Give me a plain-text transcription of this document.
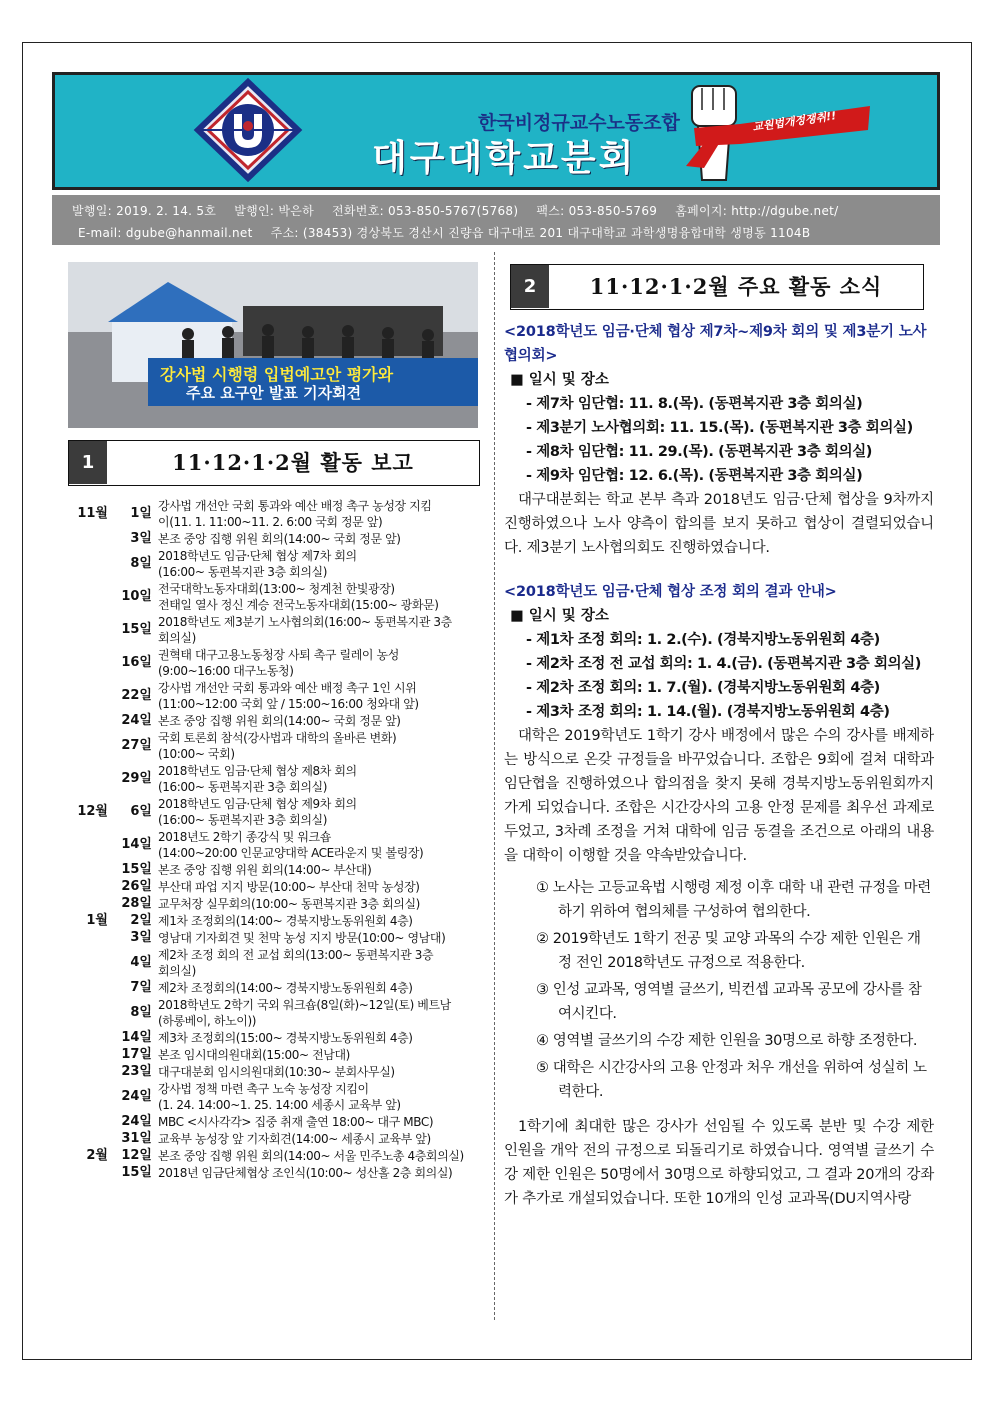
한국비정규교수노동조합
대구대학교분회
교원법개정쟁취!!
발행일: 2019. 2. 14. 5호 발행인: 박은하 전화번호: 053-850-5767(5768) 팩스: 053-850-5769 홈페이지: http://dgube.net/
E-mail: dgube@hanmail.net 주소: (38453) 경상북도 경산시 진량읍 대구대로 201 대구대학교 과학생명융합대학 생명동 1104B
강사법 시행령 입법예고안 평가와
주요 요구안 발표 기자회견
1	11·12·1·2월 활동 보고
11월	1일 강사법 개선안 국회 통과와 예산 배정 촉구 농성장 지킴
이(11. 1. 11:00~11. 2. 6:00 국회 정문 앞)
3일 본조 중앙 집행 위원 회의(14:00~ 국회 정문 앞)
8일 2018학년도 임금·단체 협상 제7차 회의
(16:00~ 동편복지관 3층 회의실)
10일 전국대학노동자대회(13:00~ 청계천 한빛광장)
전태일 열사 정신 계승 전국노동자대회(15:00~ 광화문)
15일 2018학년도 제3분기 노사협의회(16:00~ 동편복지관 3층
회의실)
16일 권혁태 대구고용노동청장 사퇴 촉구 릴레이 농성
(9:00~16:00 대구노동청)
22일 강사법 개선안 국회 통과와 예산 배정 촉구 1인 시위
(11:00~12:00 국회 앞 / 15:00~16:00 청와대 앞)
24일 본조 중앙 집행 위원 회의(14:00~ 국회 정문 앞)
27일 국회 토론회 참석(강사법과 대학의 올바른 변화)
(10:00~ 국회)
29일 2018학년도 임금·단체 협상 제8차 회의
(16:00~ 동편복지관 3층 회의실)
12월	6일 2018학년도 임금·단체 협상 제9차 회의
(16:00~ 동편복지관 3층 회의실)
14일 2018년도 2학기 종강식 및 워크숍
(14:00~20:00 인문교양대학 ACE라운지 및 볼링장)
15일 본조 중앙 집행 위원 회의(14:00~ 부산대)
26일 부산대 파업 지지 방문(10:00~ 부산대 천막 농성장)
28일 교무처장 실무회의(10:00~ 동편복지관 3층 회의실)
1월	2일 제1차 조정회의(14:00~ 경북지방노동위원회 4층)
3일 영남대 기자회견 및 천막 농성 지지 방문(10:00~ 영남대)
4일 제2차 조정 회의 전 교섭 회의(13:00~ 동편복지관 3층
회의실)
7일 제2차 조정회의(14:00~ 경북지방노동위원회 4층)
8일 2018학년도 2학기 국외 워크숍(8일(화)~12일(토) 베트남
(하롱베이, 하노이))
14일 제3차 조정회의(15:00~ 경북지방노동위원회 4층)
17일 본조 임시대의원대회(15:00~ 전남대)
23일 대구대분회 임시의원대회(10:30~ 분회사무실)
24일 강사법 정책 마련 촉구 노숙 농성장 지킴이
(1. 24. 14:00~1. 25. 14:00 세종시 교육부 앞)
24일 MBC <시사각각> 집중 취재 출연 18:00~ 대구 MBC)
31일 교육부 농성장 앞 기자회견(14:00~ 세종시 교육부 앞)
2월	12일 본조 중앙 집행 위원 회의(14:00~ 서울 민주노총 4층회의실)
15일 2018년 임금단체협상 조인식(10:00~ 성산홀 2층 회의실)
2	11·12·1·2월 주요 활동 소식
<2018학년도 임금·단체 협상 제7차~제9차 회의 및 제3분기 노사협의회>
■ 일시 및 장소
- 제7차 임단협: 11. 8.(목). (동편복지관 3층 회의실)
- 제3분기 노사협의회: 11. 15.(목). (동편복지관 3층 회의실)
- 제8차 임단협: 11. 29.(목). (동편복지관 3층 회의실)
- 제9차 임단협: 12. 6.(목). (동편복지관 3층 회의실)
대구대분회는 학교 본부 측과 2018년도 임금·단체 협상을 9차까지 진행하였으나 노사 양측이 합의를 보지 못하고 협상이 결렬되었습니다. 제3분기 노사협의회도 진행하였습니다.
<2018학년도 임금·단체 협상 조정 회의 결과 안내>
■ 일시 및 장소
- 제1차 조정 회의: 1. 2.(수). (경북지방노동위원회 4층)
- 제2차 조정 전 교섭 회의: 1. 4.(금). (동편복지관 3층 회의실)
- 제2차 조정 회의: 1. 7.(월). (경북지방노동위원회 4층)
- 제3차 조정 회의: 1. 14.(월). (경북지방노동위원회 4층)
대학은 2019학년도 1학기 강사 배정에서 많은 수의 강사를 배제하는 방식으로 온갖 규정들을 바꾸었습니다. 조합은 9회에 걸쳐 대학과 임단협을 진행하였으나 합의점을 찾지 못해 경북지방노동위원회까지 가게 되었습니다. 조합은 시간강사의 고용 안정 문제를 최우선 과제로 두었고, 3차례 조정을 거쳐 대학에 임금 동결을 조건으로 아래의 내용을 대학이 이행할 것을 약속받았습니다.
① 노사는 고등교육법 시행령 제정 이후 대학 내 관련 규정을 마련하기 위하여 협의체를 구성하여 협의한다.
② 2019학년도 1학기 전공 및 교양 과목의 수강 제한 인원은 개정 전인 2018학년도 규정으로 적용한다.
③ 인성 교과목, 영역별 글쓰기, 빅컨셉 교과목 공모에 강사를 참여시킨다.
④ 영역별 글쓰기의 수강 제한 인원을 30명으로 하향 조정한다.
⑤ 대학은 시간강사의 고용 안정과 처우 개선을 위하여 성실히 노력한다.
1학기에 최대한 많은 강사가 선임될 수 있도록 분반 및 수강 제한 인원을 개악 전의 규정으로 되돌리기로 하였습니다. 영역별 글쓰기 수강 제한 인원은 50명에서 30명으로 하향되었고, 그 결과 20개의 강좌가 추가로 개설되었습니다. 또한 10개의 인성 교과목(DU지역사랑
